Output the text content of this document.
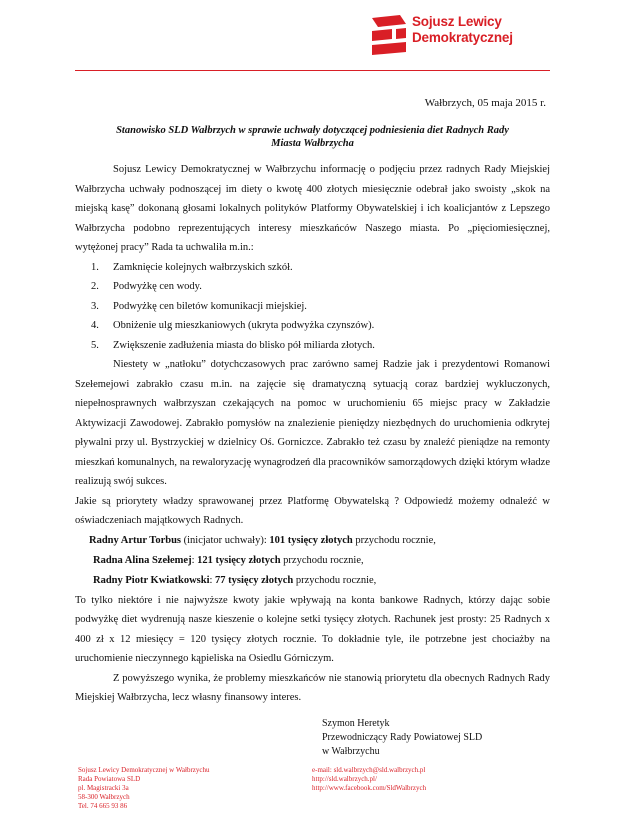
Sojusz Lewicy
Demokratycznej
Wałbrzych, 05 maja 2015 r.
Stanowisko SLD Wałbrzych w sprawie uchwały dotyczącej podniesienia diet Radnych Rady
Miasta Wałbrzycha

Sojusz Lewicy Demokratycznej w Wałbrzychu informację o podjęciu przez radnych Rady Miejskiej Wałbrzycha uchwały podnoszącej im diety o kwotę 400 złotych miesięcznie odebrał jako swoisty „skok na miejską kasę” dokonaną głosami lokalnych polityków Platformy Obywatelskiej i ich koalicjantów z Lepszego Wałbrzycha podobno reprezentujących interesy mieszkańców Naszego miasta. Po „pięciomiesięcznej, wytężonej pracy” Rada ta uchwaliła m.in.:

1. Zamknięcie kolejnych wałbrzyskich szkół.
2. Podwyżkę cen wody.
3. Podwyżkę cen biletów komunikacji miejskiej.
4. Obniżenie ulg mieszkaniowych (ukryta podwyżka czynszów).
5. Zwiększenie zadłużenia miasta do blisko pół miliarda złotych.

Niestety w „natłoku” dotychczasowych prac zarówno samej Radzie jak i prezydentowi Romanowi Szełemejowi zabrakło czasu m.in. na zajęcie się dramatyczną sytuacją coraz bardziej wykluczonych, niepełnosprawnych wałbrzyszan czekających na pomoc w uruchomieniu 65 miejsc pracy w Zakładzie Aktywizacji Zawodowej. Zabrakło pomysłów na znalezienie pieniędzy niezbędnych do uruchomienia odkrytej pływalni przy ul. Bystrzyckiej w dzielnicy Oś. Gorniczce. Zabrakło też czasu by znaleźć pieniądze na remonty mieszkań komunalnych, na rewaloryzację wynagrodzeń dla pracowników samorządowych dzięki którym władze realizują swój sukces.

Jakie są priorytety władzy sprawowanej przez Platformę Obywatelską ? Odpowiedź możemy odnaleźć w oświadczeniach majątkowych Radnych.

Radny Artur Torbus (inicjator uchwały): 101 tysięcy złotych przychodu rocznie,
Radna Alina Szełemej: 121 tysięcy złotych przychodu rocznie,
Radny Piotr Kwiatkowski: 77 tysięcy złotych przychodu rocznie,

To tylko niektóre i nie najwyższe kwoty jakie wpływają na konta bankowe Radnych, którzy dając sobie podwyżkę diet wydrenują nasze kieszenie o kolejne setki tysięcy złotych. Rachunek jest prosty: 25 Radnych x 400 zł x 12 miesięcy = 120 tysięcy złotych rocznie. To dokładnie tyle, ile potrzebne jest chociażby na uruchomienie nieczynnego kąpieliska na Osiedlu Górniczym.

Z powyższego wynika, że problemy mieszkańców nie stanowią priorytetu dla obecnych Radnych Rady Miejskiej Wałbrzycha, lecz własny finansowy interes.

Szymon Heretyk
Przewodniczący Rady Powiatowej SLD
w Wałbrzychu
Sojusz Lewicy Demokratycznej w Wałbrzychu
Rada Powiatowa SLD
pl. Magistracki 3a
58-300 Wałbrzych
Tel. 74 665 93 86
e-mail: sld.walbrzych@sld.walbrzych.pl
http://sld.walbrzych.pl/
http://www.facebook.com/SldWalbrzych
